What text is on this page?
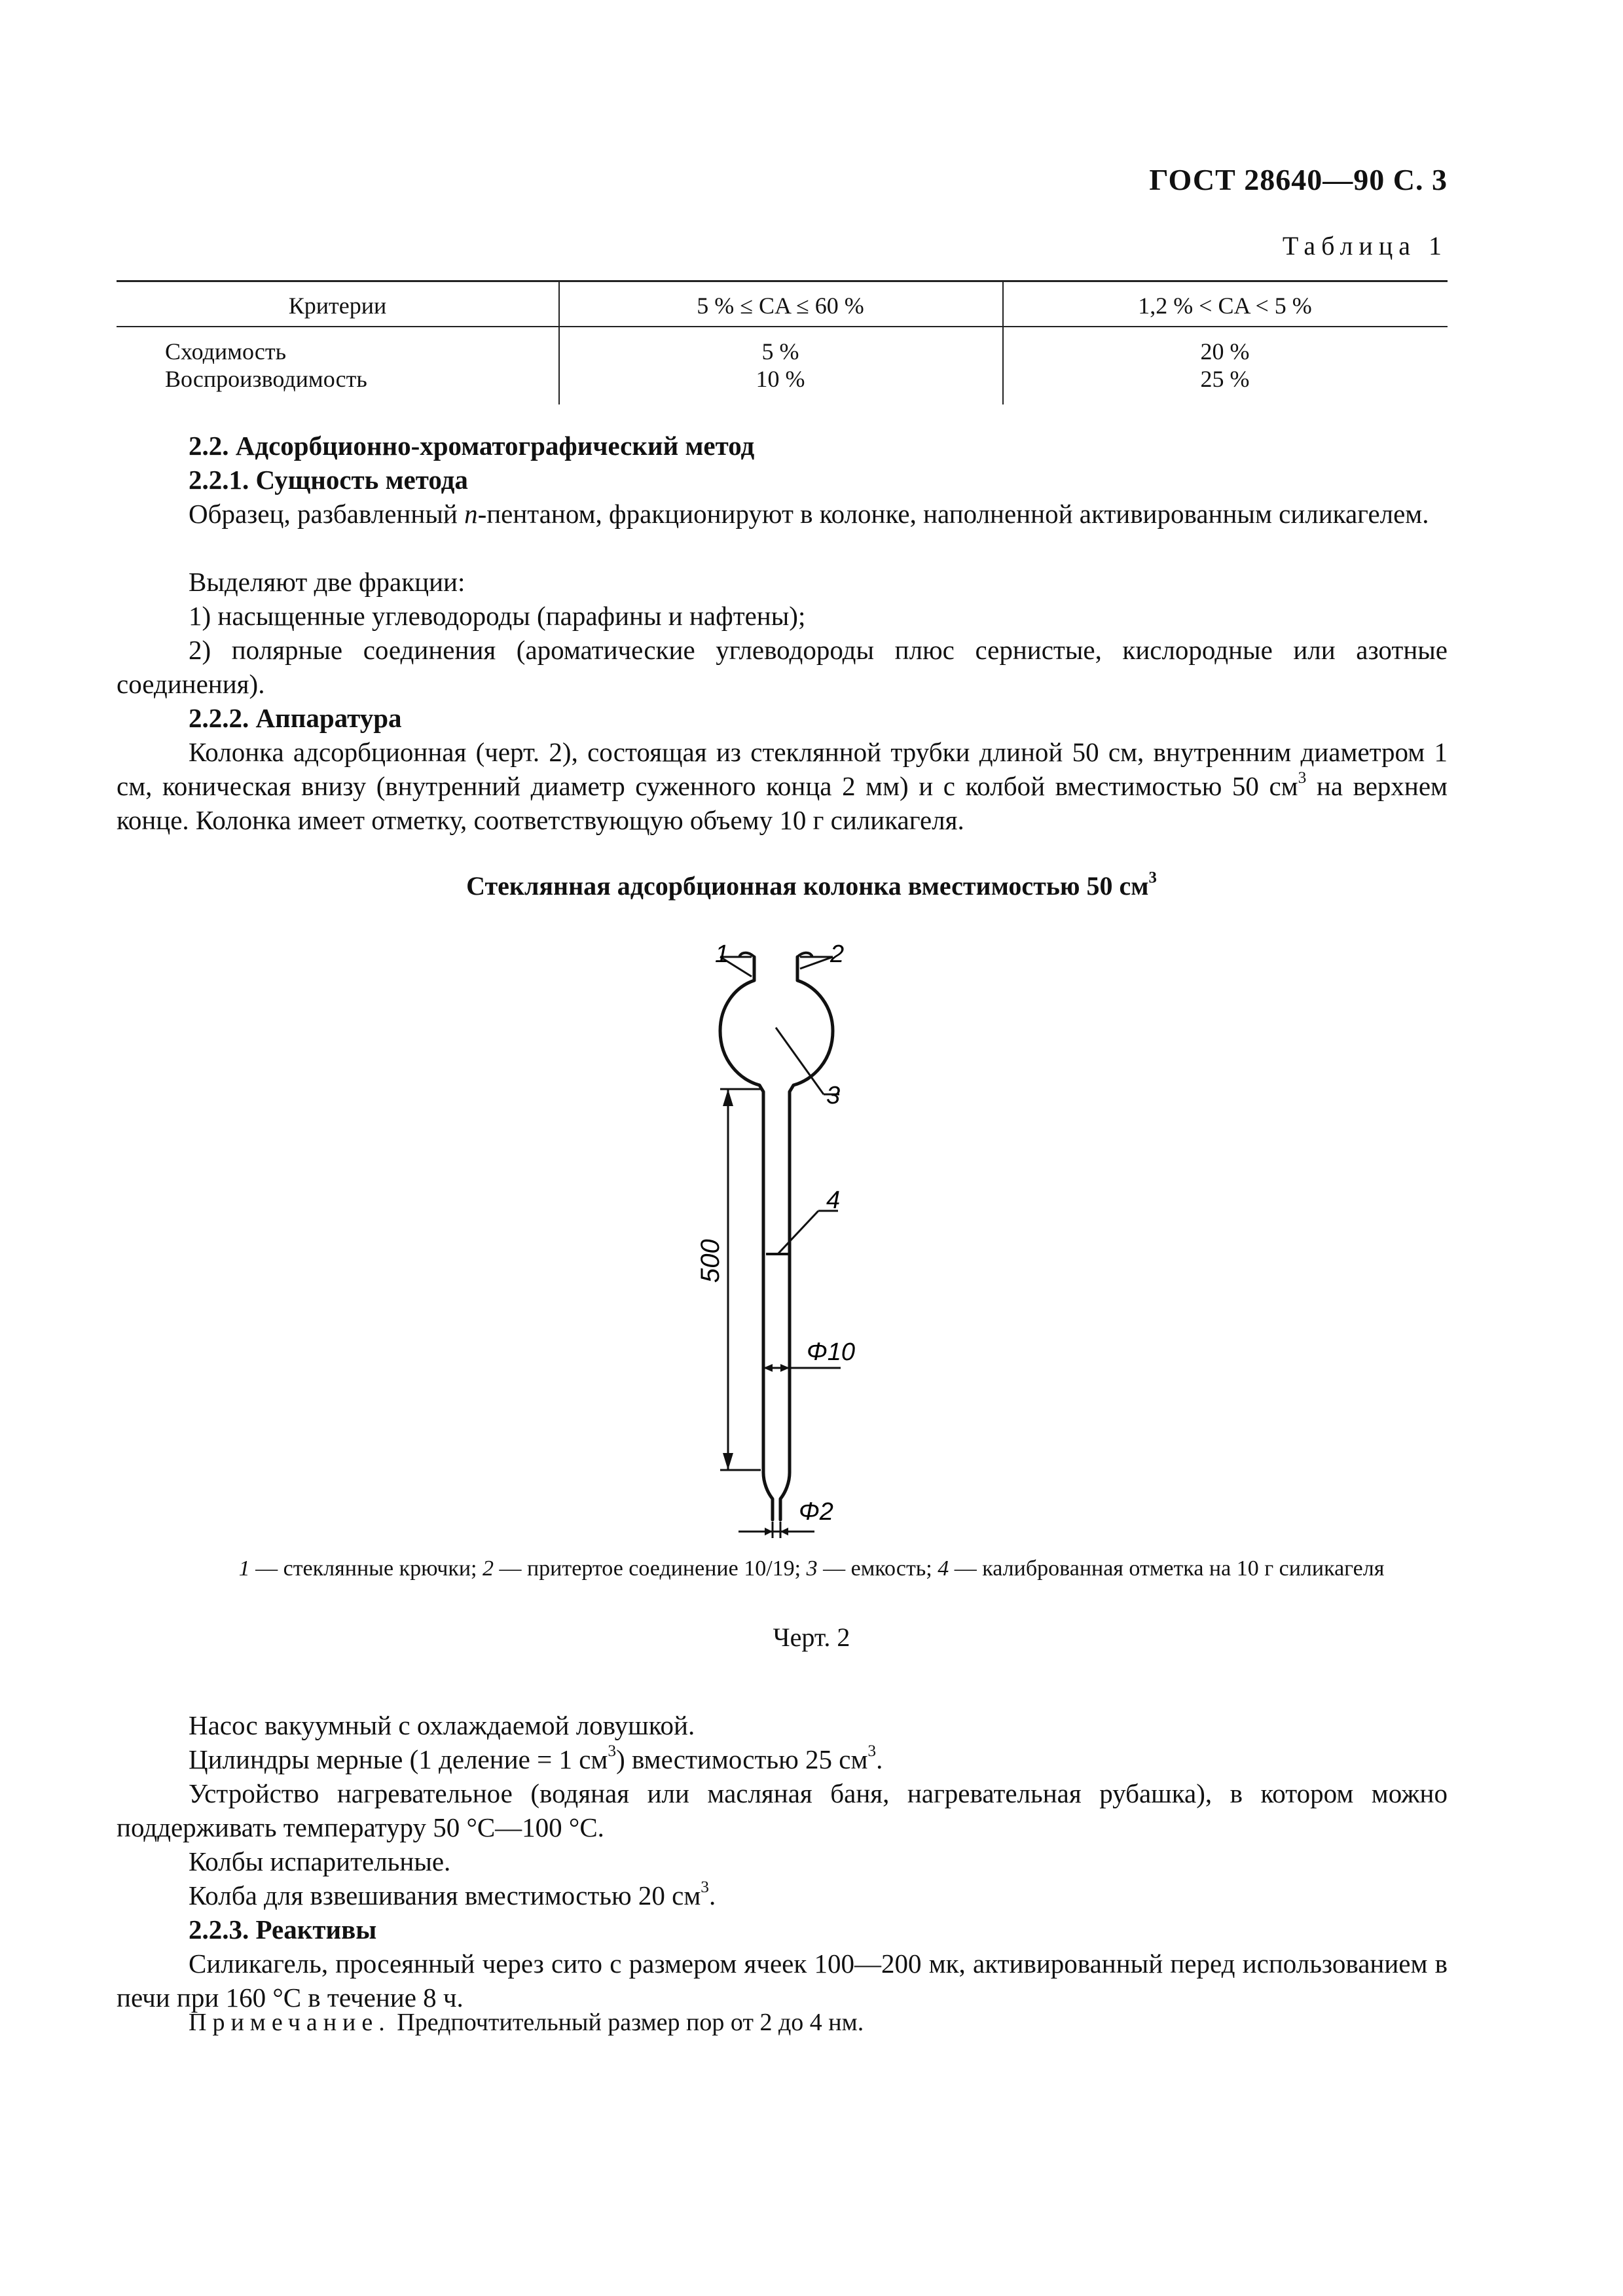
ГОСТ 28640—90 С. 3
Таблица 1
Критерии	5 % ≤ CA ≤ 60 %	1,2 % < CA < 5 %
Сходимость	5 %	20 %
Воспроизводимость	10 %	25 %
2.2. Адсорбционно-хроматографический метод
2.2.1. Сущность метода
Образец, разбавленный n-пентаном, фракционируют в колонке, наполненной активированным силикагелем.
Выделяют две фракции:
1) насыщенные углеводороды (парафины и нафтены);
2) полярные соединения (ароматические углеводороды плюс сернистые, кислородные или азотные соединения).
2.2.2. Аппаратура
Колонка адсорбционная (черт. 2), состоящая из стеклянной трубки длиной 50 см, внутренним диаметром 1 см, коническая внизу (внутренний диаметр суженного конца 2 мм) и с колбой вместимостью 50 $см^3$ на верхнем конце. Колонка имеет отметку, соответствующую объему 10 г силикагеля.
Стеклянная адсорбционная колонка вместимостью 50 $см^3$
1	2
3
4
500
Φ10
Φ2
1 — стеклянные крючки; 2 — притертое соединение 10/19; 3 — емкость; 4 — калиброванная отметка на 10 г силикагеля
Черт. 2
Насос вакуумный с охлаждаемой ловушкой.
Цилиндры мерные (1 деление = 1 $см^3$) вместимостью 25 $см^3$.
Устройство нагревательное (водяная или масляная баня, нагревательная рубашка), в котором можно поддерживать температуру 50 °С—100 °С.
Колбы испарительные.
Колба для взвешивания вместимостью 20 $см^3$.
2.2.3. Реактивы
Силикагель, просеянный через сито с размером ячеек 100—200 мк, активированный перед использованием в печи при 160 °С в течение 8 ч.
Примечание. Предпочтительный размер пор от 2 до 4 нм.
